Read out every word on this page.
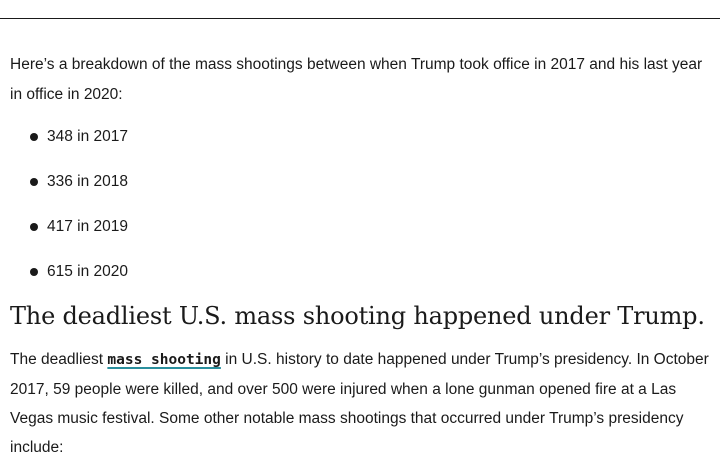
Here’s a breakdown of the mass shootings between when Trump took office in 2017 and his last year in office in 2020:

348 in 2017
336 in 2018
417 in 2019
615 in 2020
The deadliest U.S. mass shooting happened under Trump.

The deadliest mass shooting in U.S. history to date happened under Trump’s presidency. In October 2017, 59 people were killed, and over 500 were injured when a lone gunman opened fire at a Las Vegas music festival. Some other notable mass shootings that occurred under Trump’s presidency include:
